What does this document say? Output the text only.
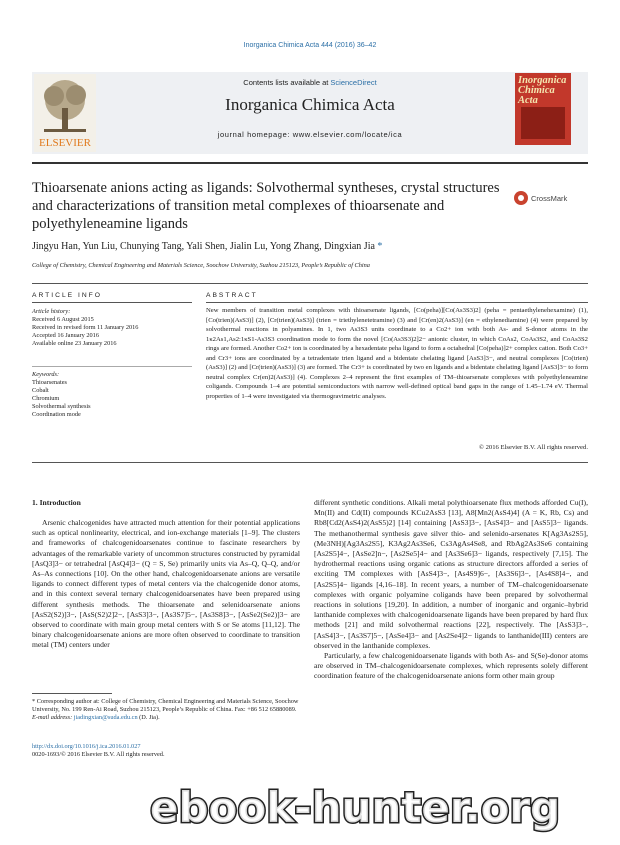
Inorganica Chimica Acta 444 (2016) 36–42
ELSEVIER
Inorganica Chimica Acta
Contents lists available at ScienceDirect
Inorganica Chimica Acta
journal homepage: www.elsevier.com/locate/ica
Thioarsenate anions acting as ligands: Solvothermal syntheses, crystal structures and characterizations of transition metal complexes of thioarsenate and polyethyleneamine ligands
CrossMark
Jingyu Han, Yun Liu, Chunying Tang, Yali Shen, Jialin Lu, Yong Zhang, Dingxian Jia *
College of Chemistry, Chemical Engineering and Materials Science, Soochow University, Suzhou 215123, People’s Republic of China
ARTICLE INFO	ABSTRACT
Article history:
Received 6 August 2015
Received in revised form 11 January 2016
Accepted 16 January 2016
Available online 23 January 2016
Keywords:
Thioarsenates
Cobalt
Chromium
Solvothermal synthesis
Coordination mode
New members of transition metal complexes with thioarsenate ligands, [Co(peha)][Co(As3S3)2] (peha = pentaethylenehexamine) (1), [Co(trien)(AsS3)] (2), [Cr(trien)(AsS3)] (trien = triethylenetetramine) (3) and [Cr(en)2(AsS3)] (en = ethylenediamine) (4) were prepared by solvothermal reactions in polyamines. In 1, two As3S3 units coordinate to a Co2+ ion with both As- and S-donor atoms in the 1κ2As1,As2:1κS1-As3S3 coordination mode to form the novel [Co(As3S3)2]2− anionic cluster, in which CoAs2, CoAs3S2, and CoAs3S2 rings are formed. Another Co2+ ion is coordinated by a hexadentate peha ligand to form a octahedral [Co(peha)]2+ complex cation. Both Co3+ and Cr3+ ions are coordinated by a tetradentate trien ligand and a bidentate chelating ligand [AsS3]3−, and neutral complexes [Co(trien)(AsS3)] (2) and [Cr(trien)(AsS3)] (3) are formed. The Cr3+ is coordinated by two en ligands and a bidentate chelating ligand [AsS3]3− to form neutral complex Cr(en)2(AsS3)] (4). Complexes 2–4 represent the first examples of TM–thioarsenate complexes with polyethyleneamine coligands. Compounds 1–4 are potential semiconductors with narrow well-defined optical band gaps in the range of 1.45–1.74 eV. Thermal properties of 1–4 were investigated via thermogravimetric analyses.
© 2016 Elsevier B.V. All rights reserved.
1. Introduction

Arsenic chalcogenides have attracted much attention for their potential applications such as optical nonlinearity, electrical, and ion-exchange materials [1–9]. The clusters and frameworks of chalcogenidoarsenates continue to fascinate researchers by advantages of the remarkable variety of uncommon structures constructed by pyramidal [AsQ3]3− or tetrahedral [AsQ4]3− (Q = S, Se) primarily units via As–Q, Q–Q, and/or As–As connections [10]. On the other hand, chalcogenidoarsenate anions are versatile ligands to connect different types of metal centers via the chalcogenide donor atoms, and in this context several ternary chalcogenidoarsenates have been prepared using different synthesis methods. The thioarsenate and selenidoarsenate anions [AsS2(S2)]3−, [AsS(S2)2]2−, [AsS3]3−, [As3S7]5−, [As3S8]3−, [AsSe2(Se2)]3− are observed to coordinate with main group metal centers with S or Se atoms [11,12]. The binary chalcogenidoarsenate anions are more often observed to coordinate to transition metal (TM) centers under

different synthetic conditions. Alkali metal polythioarsenate flux methods afforded Cu(I), Mn(II) and Cd(II) compounds KCu2AsS3 [13], A8[Mn2(AsS4)4] (A = K, Rb, Cs) and Rb8[Cd2(AsS4)2(AsS5)2] [14] containing [AsS3]3−, [AsS4]3− and [AsS5]3− ligands. The methanothermal synthesis gave silver thio- and selenido-arsenates K[Ag3As2S5], (Me3NH)[Ag3As2S5], K3Ag2As3Se6, Cs3AgAs4Se8, and RbAg2As3Se6 containing [As2S5]4−, [AsSe2]n−, [As2Se5]4− and [As3Se6]3− ligands, respectively [7,15]. The hydrothermal reactions using organic cations as structure directors afforded a series of exciting TM complexes with [AsS4]3−, [As4S9]6−, [As3S6]3−, [As4S8]4−, and [As2S5]4− ligands [4,16–18]. In recent years, a number of TM–chalcogenidoarsenate complexes with organic polyamine coligands have been prepared by solvothermal reactions in solutions [19,20]. In addition, a number of inorganic and organic–hybrid lanthanide complexes with chalcogenidoarsenate ligands have been prepared by hard flux methods [21] and mild solvothermal reactions [22], respectively. The [AsS3]3−, [AsS4]3−, [As3S7]5−, [AsSe4]3− and [As2Se4]2− ligands to lanthanide(III) centers are observed in the lanthanide complexes.

Particularly, a few chalcogenidoarsenate ligands with both As- and S(Se)-donor atoms are observed in TM–chalcogenidoarsenate complexes, which represents solely different coordination feature of the chalcogenidoarsenate anions form other main group

* Corresponding author at: College of Chemistry, Chemical Engineering and Materials Science, Soochow University, No. 199 Ren-Ai Road, Suzhou 215123, People’s Republic of China. Fax: +86 512 65880089.
E-mail address: jiadingxian@suda.edu.cn (D. Jia).
http://dx.doi.org/10.1016/j.ica.2016.01.027
0020-1693/© 2016 Elsevier B.V. All rights reserved.
ebook-hunter.org
